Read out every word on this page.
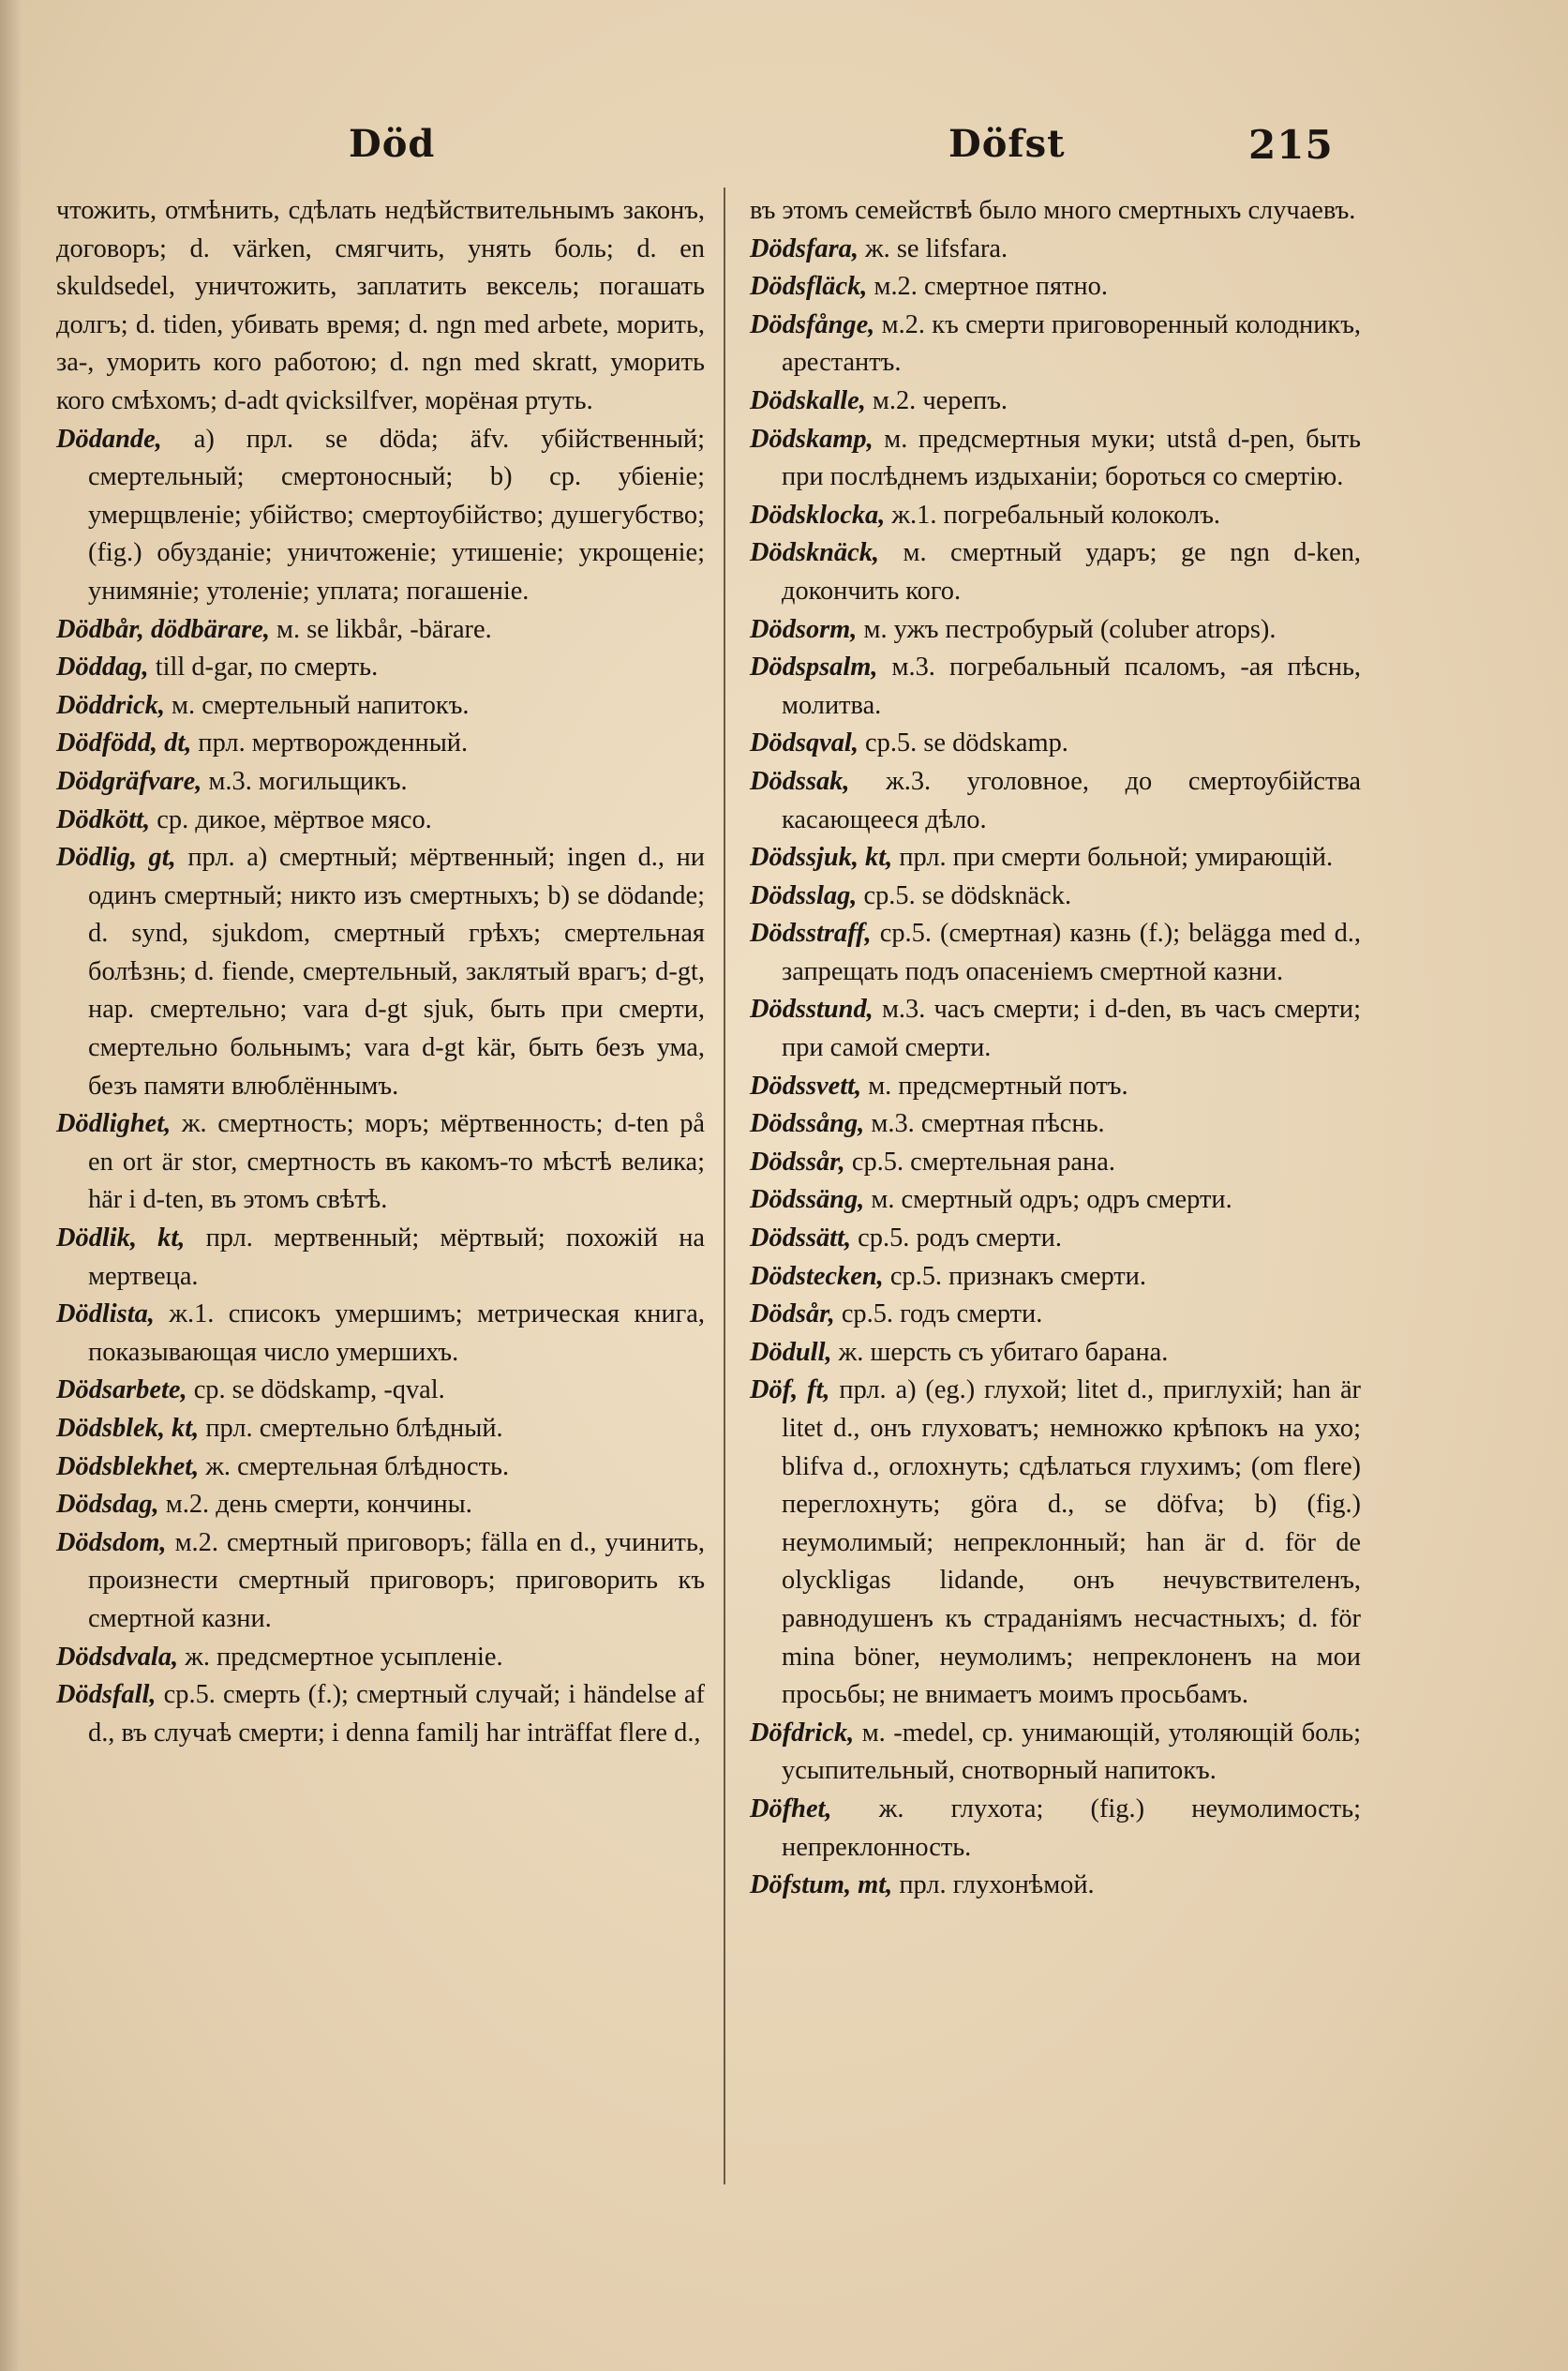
Död	Döfst	215

чтожить, отмѣнить, сдѣлать недѣйствительнымъ законъ, договоръ; d. värken, смягчить, унять боль; d. en skuldsedel, уничтожить, заплатить вексель; погашать долгъ; d. tiden, убивать время; d. ngn med arbete, морить, за-, уморить кого работою; d. ngn med skratt, уморить кого смѣхомъ; d-adt qvicksilfver, морёная ртуть.

Dödande, a) прл. se döda; äfv. убійственный; смертельный; смертоносный; b) ср. убіеніе; умерщвленіе; убійство; смертоубійство; душегубство; (fig.) обузданіе; уничтоженіе; утишеніе; укрощеніе; унимяніе; утоленіе; уплата; погашеніе.

Dödbår, dödbärare, м. se likbår, -bärare.

Döddag, till d-gar, по смерть.

Döddrick, м. смертельный напитокъ.

Dödfödd, dt, прл. мертворожденный.

Dödgräfvare, м.3. могильщикъ.

Dödkött, ср. дикое, мёртвое мясо.

Dödlig, gt, прл. a) смертный; мёртвенный; ingen d., ни одинъ смертный; никто изъ смертныхъ; b) se dödande; d. synd, sjukdom, смертный грѣхъ; смертельная болѣзнь; d. fiende, смертельный, заклятый врагъ; d-gt, нар. смертельно; vara d-gt sjuk, быть при смерти, смертельно больнымъ; vara d-gt kär, быть безъ ума, безъ памяти влюблённымъ.

Dödlighet, ж. смертность; моръ; мёртвенность; d-ten på en ort är stor, смертность въ какомъ-то мѣстѣ велика; här i d-ten, въ этомъ свѣтѣ.

Dödlik, kt, прл. мертвенный; мёртвый; похожій на мертвеца.

Dödlista, ж.1. списокъ умершимъ; метрическая книга, показывающая число умершихъ.

Dödsarbete, ср. se dödskamp, -qval.

Dödsblek, kt, прл. смертельно блѣдный.

Dödsblekhet, ж. смертельная блѣдность.

Dödsdag, м.2. день смерти, кончины.

Dödsdom, м.2. смертный приговоръ; fälla en d., учинить, произнести смертный приговоръ; приговорить къ смертной казни.

Dödsdvala, ж. предсмертное усыпленіе.

Dödsfall, ср.5. смерть (f.); смертный случай; i händelse af d., въ случаѣ смерти; i denna familj har inträffat flere d.,

въ этомъ семействѣ было много смертныхъ случаевъ.

Dödsfara, ж. se lifsfara.

Dödsfläck, м.2. смертное пятно.

Dödsfånge, м.2. къ смерти приговоренный колодникъ, арестантъ.

Dödskalle, м.2. черепъ.

Dödskamp, м. предсмертныя муки; utstå d-pen, быть при послѣднемъ издыханіи; бороться со смертію.

Dödsklocka, ж.1. погребальный колоколъ.

Dödsknäck, м. смертный ударъ; ge ngn d-ken, докончить кого.

Dödsorm, м. ужъ пестробурый (coluber atrops).

Dödspsalm, м.3. погребальный псаломъ, -ая пѣснь, молитва.

Dödsqval, ср.5. se dödskamp.

Dödssak, ж.3. уголовное, до смертоубійства касающееся дѣло.

Dödssjuk, kt, прл. при смерти больной; умирающій.

Dödsslag, ср.5. se dödsknäck.

Dödsstraff, ср.5. (смертная) казнь (f.); belägga med d., запрещать подъ опасеніемъ смертной казни.

Dödsstund, м.3. часъ смерти; i d-den, въ часъ смерти; при самой смерти.

Dödssvett, м. предсмертный потъ.

Dödssång, м.3. смертная пѣснь.

Dödssår, ср.5. смертельная рана.

Dödssäng, м. смертный одръ; одръ смерти.

Dödssätt, ср.5. родъ смерти.

Dödstecken, ср.5. признакъ смерти.

Dödsår, ср.5. годъ смерти.

Dödull, ж. шерсть съ убитаго барана.

Döf, ft, прл. a) (eg.) глухой; litet d., приглухій; han är litet d., онъ глуховатъ; немножко крѣпокъ на ухо; blifva d., оглохнуть; сдѣлаться глухимъ; (om flere) переглохнуть; göra d., se döfva; b) (fig.) неумолимый; непреклонный; han är d. för de olyckligas lidande, онъ нечувствителенъ, равнодушенъ къ страданіямъ несчастныхъ; d. för mina böner, неумолимъ; непреклоненъ на мои просьбы; не внимаетъ моимъ просьбамъ.

Döfdrick, м. -medel, ср. унимающій, утоляющій боль; усыпительный, снотворный напитокъ.

Döfhet, ж. глухота; (fig.) неумолимость; непреклонность.

Döfstum, mt, прл. глухонѣмой.
